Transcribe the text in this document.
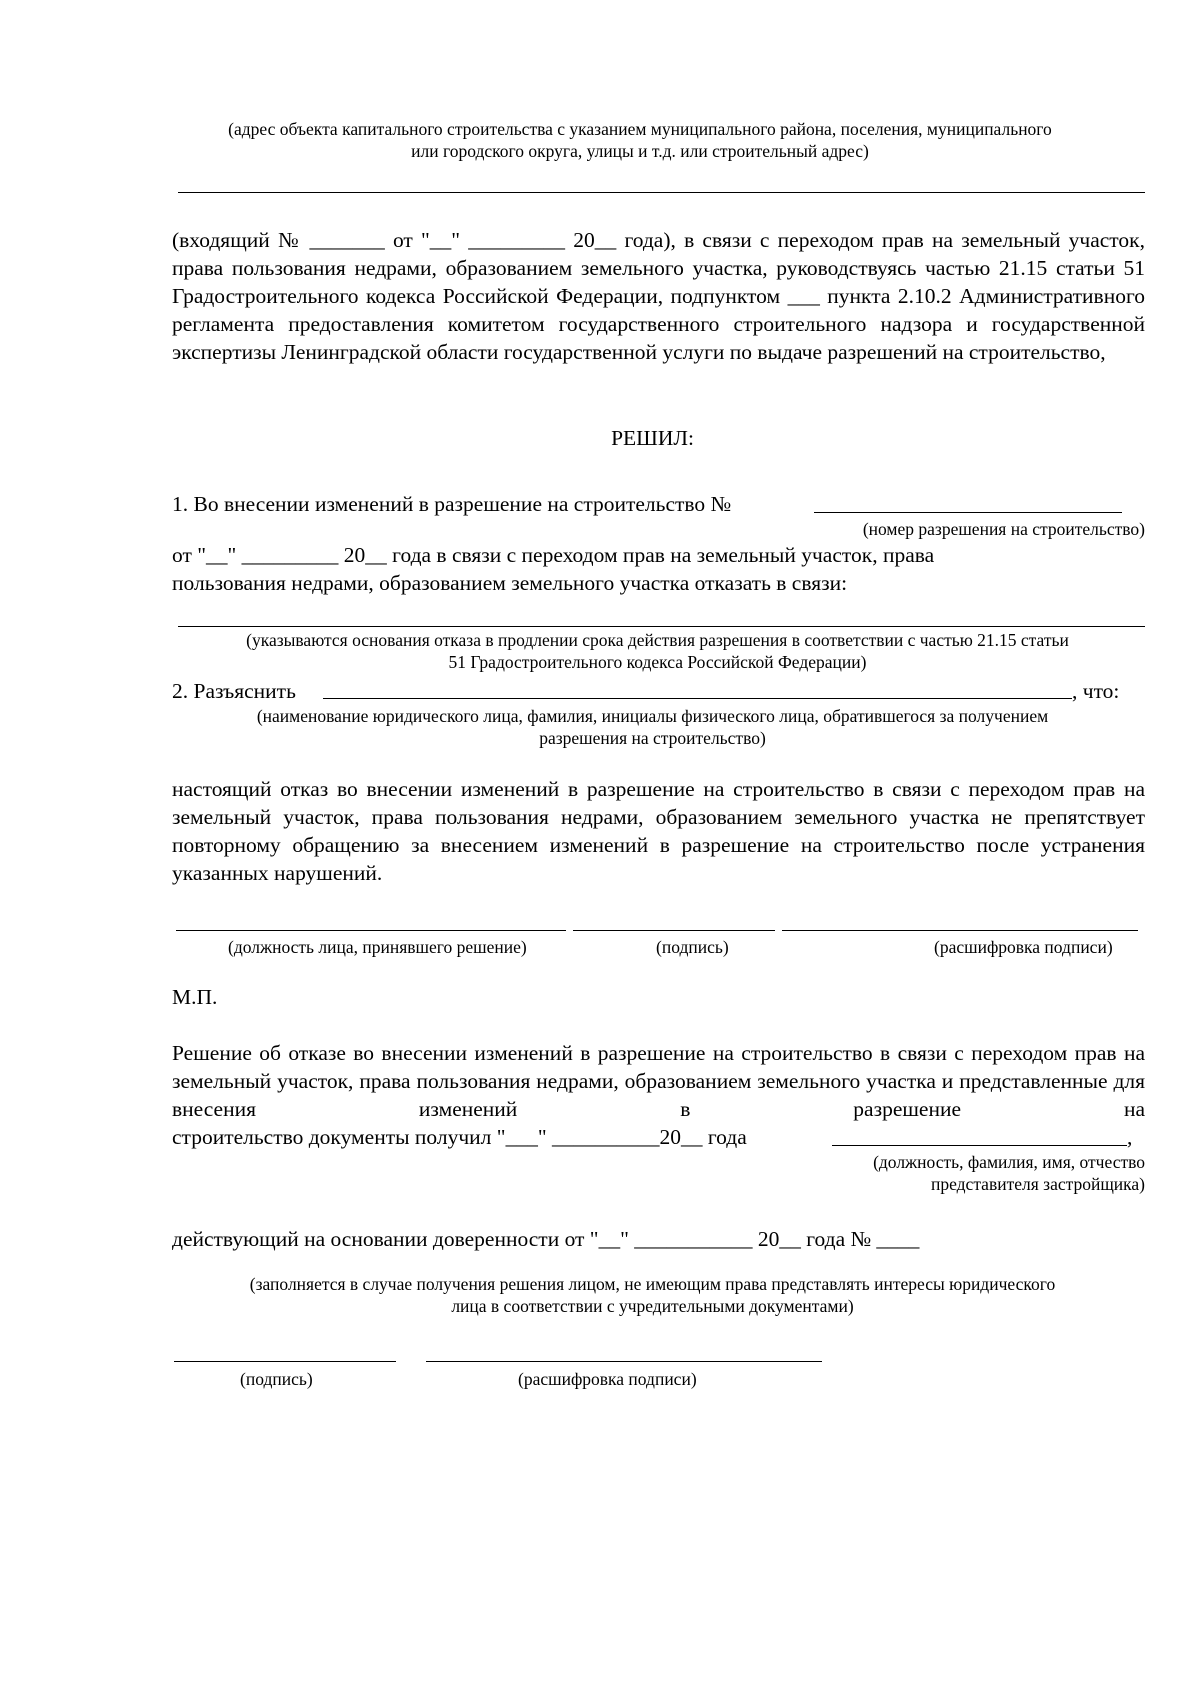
(адрес объекта капитального строительства с указанием муниципального района, поселения, муниципального
или городского округа, улицы и т.д. или строительный адрес)
(входящий № _______ от "__" _________ 20__ года), в связи с переходом прав на земельный участок, права пользования недрами, образованием земельного участка, руководствуясь частью 21.15 статьи 51 Градостроительного кодекса Российской Федерации, подпунктом ___ пункта 2.10.2 Административного регламента предоставления комитетом государственного строительного надзора и государственной экспертизы Ленинградской области государственной услуги по выдаче разрешений на строительство,
РЕШИЛ:
1. Во внесении изменений в разрешение на строительство №
(номер разрешения на строительство)
от "__" _________ 20__ года в связи с переходом прав на земельный участок, права
пользования недрами, образованием земельного участка отказать в связи:
(указываются основания отказа в продлении срока действия разрешения в соответствии с частью 21.15 статьи
51 Градостроительного кодекса Российской Федерации)
2. Разъяснить	, что:
(наименование юридического лица, фамилия, инициалы физического лица, обратившегося за получением
разрешения на строительство)
настоящий отказ во внесении изменений в разрешение на строительство в связи с переходом прав на земельный участок, права пользования недрами, образованием земельного участка не препятствует повторному обращению за внесением изменений в разрешение на строительство после устранения указанных нарушений.
(должность лица, принявшего решение)	(подпись)	(расшифровка подписи)
М.П.
Решение об отказе во внесении изменений в разрешение на строительство в связи с переходом прав на земельный участок, права пользования недрами, образованием земельного участка и представленные для внесения изменений в разрешение на
строительство документы получил "___" __________20__ года	,
(должность, фамилия, имя, отчество
представителя застройщика)
действующий на основании доверенности от "__" ___________ 20__ года № ____
(заполняется в случае получения решения лицом, не имеющим права представлять интересы юридического
лица в соответствии с учредительными документами)
(подпись)	(расшифровка подписи)
